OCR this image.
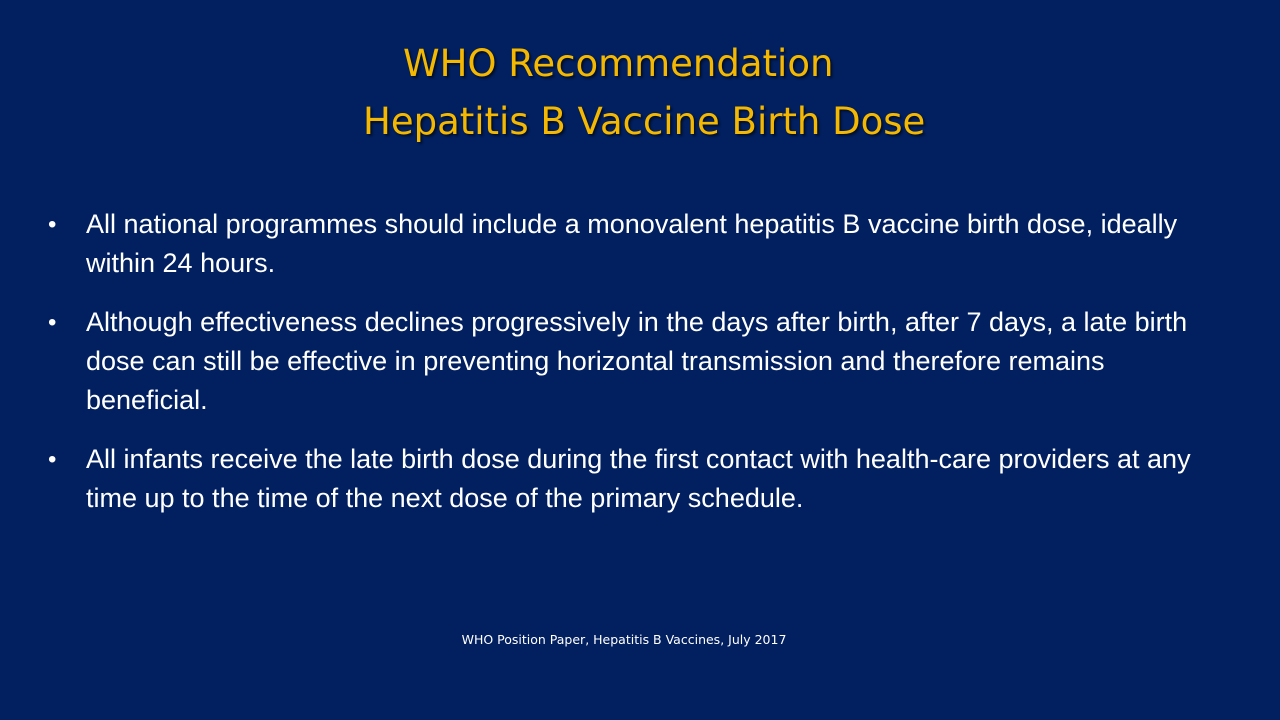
WHO Recommendation
Hepatitis B Vaccine Birth Dose
•	All national programmes should include a monovalent hepatitis B vaccine birth dose, ideally within 24 hours.
•	Although effectiveness declines progressively in the days after birth, after 7 days, a late birth dose can still be effective in preventing horizontal transmission and therefore remains beneficial.
•	All infants receive the late birth dose during the first contact with health-care providers at any time up to the time of the next dose of the primary schedule.
WHO Position Paper, Hepatitis B Vaccines, July 2017
